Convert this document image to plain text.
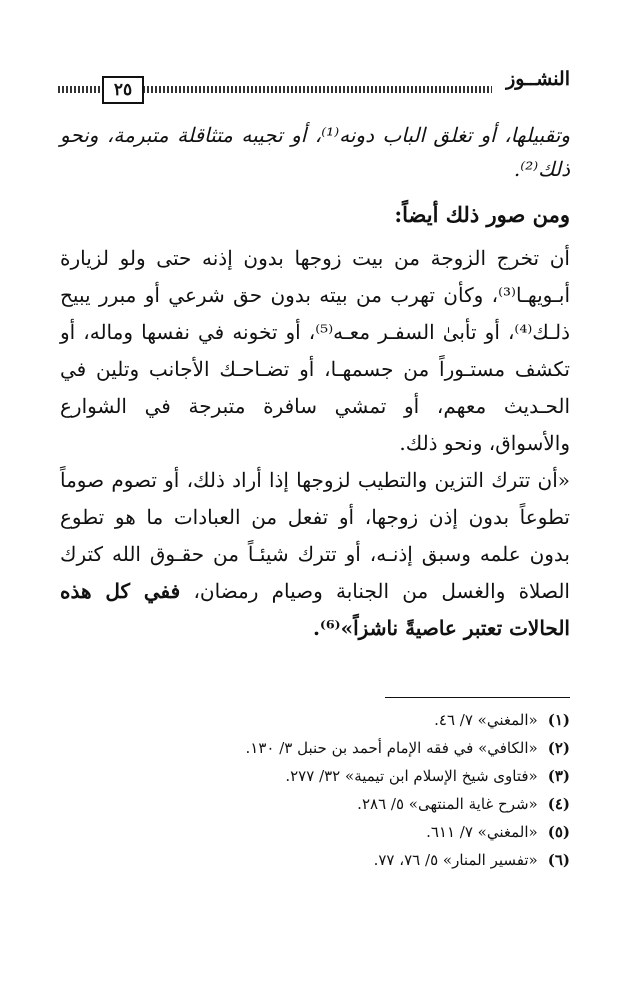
النشــوز
٢٥

وتقبيلها، أو تغلق الباب دونه⁽¹⁾، أو تجيبه متثاقلة متبرمة، ونحو ذلك⁽²⁾.

ومن صور ذلك أيضاً:

أن تخرج الزوجة من بيت زوجها بدون إذنه حتى ولو لزيارة أبـويهـا⁽³⁾، وكأن تهرب من بيته بدون حق شرعي أو مبرر يبيح ذلـك⁽⁴⁾، أو تأبىٰ السفـر معـه⁽⁵⁾، أو تخونه في نفسها وماله، أو تكشف مستـوراً من جسمهـا، أو تضـاحـك الأجانب وتلين في الحـديث معهم، أو تمشي سافرة متبرجة في الشوارع والأسواق، ونحو ذلك.

«أن تترك التزين والتطيب لزوجها إذا أراد ذلك، أو تصوم صوماً تطوعاً بدون إذن زوجها، أو تفعل من العبادات ما هو تطوع بدون علمه وسبق إذنـه، أو تترك شيئـاً من حقـوق الله كترك الصلاة والغسل من الجنابة وصيام رمضان، ففي كل هذه الحالات تعتبر عاصيةً ناشزاً»⁽⁶⁾.

(١)
«المغني» ٧/ ٤٦.
(٢)
«الكافي» في فقه الإمام أحمد بن حنبل ٣/ ١٣٠.
(٣)
«فتاوى شيخ الإسلام ابن تيمية» ٣٢/ ٢٧٧.
(٤)
«شرح غاية المنتهى» ٥/ ٢٨٦.
(٥)
«المغني» ٧/ ٦١١.
(٦)
«تفسير المنار» ٥/ ٧٦، ٧٧.
